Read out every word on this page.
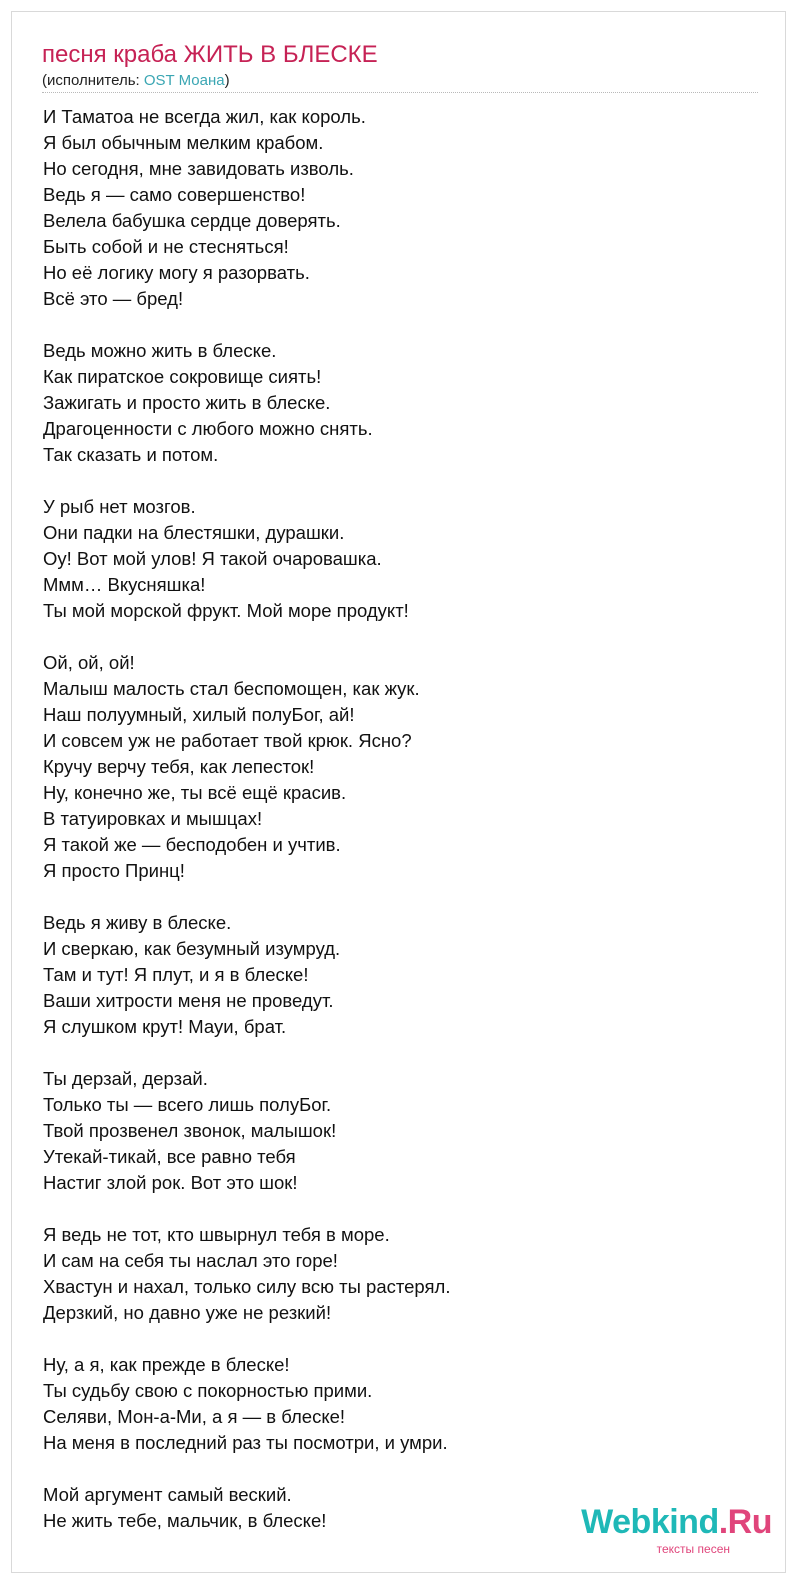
песня краба ЖИТЬ В БЛЕСКЕ
(исполнитель: OST Моана)
И Таматоа не всегда жил, как король.
Я был обычным мелким крабом.
Но сегодня, мне завидовать изволь.
Ведь я — само совершенство!
Велела бабушка сердце доверять.
Быть собой и не стесняться!
Но её логику могу я разорвать.
Всё это — бред!
Ведь можно жить в блеске.
Как пиратское сокровище сиять!
Зажигать и просто жить в блеске.
Драгоценности с любого можно снять.
Так сказать и потом.
У рыб нет мозгов.
Они падки на блестяшки, дурашки.
Оу! Вот мой улов! Я такой очаровашка.
Ммм… Вкусняшка!
Ты мой морской фрукт. Мой море продукт!
Ой, ой, ой!
Малыш малость стал беспомощен, как жук.
Наш полуумный, хилый полуБог, ай!
И совсем уж не работает твой крюк. Ясно?
Кручу верчу тебя, как лепесток!
Ну, конечно же, ты всё ещё красив.
В татуировках и мышцах!
Я такой же — бесподобен и учтив.
Я просто Принц!
Ведь я живу в блеске.
И сверкаю, как безумный изумруд.
Там и тут! Я плут, и я в блеске!
Ваши хитрости меня не проведут.
Я слушком крут! Мауи, брат.
Ты дерзай, дерзай.
Только ты — всего лишь полуБог.
Твой прозвенел звонок, малышок!
Утекай-тикай, все равно тебя
Настиг злой рок. Вот это шок!
Я ведь не тот, кто швырнул тебя в море.
И сам на себя ты наслал это горе!
Хвастун и нахал, только силу всю ты растерял.
Дерзкий, но давно уже не резкий!
Ну, а я, как прежде в блеске!
Ты судьбу свою с покорностью прими.
Селяви, Мон-а-Ми, а я — в блеске!
На меня в последний раз ты посмотри, и умри.
Мой аргумент самый веский.
Не жить тебе, мальчик, в блеске!	Webkind.Ru
тексты песен
